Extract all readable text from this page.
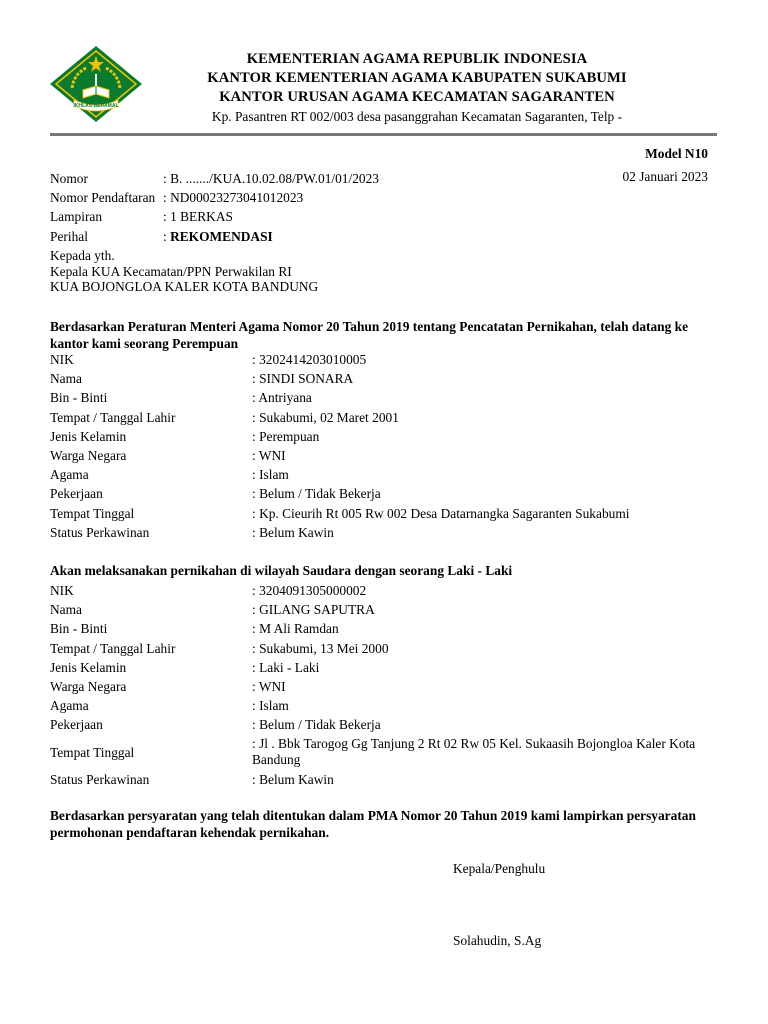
IKHLAS BERAMAL
KEMENTERIAN AGAMA REPUBLIK INDONESIA
KANTOR KEMENTERIAN AGAMA KABUPATEN SUKABUMI
KANTOR URUSAN AGAMA KECAMATAN SAGARANTEN
Kp. Pasantren RT 002/003 desa pasanggrahan Kecamatan Sagaranten, Telp -
Model N10
02 Januari 2023
Nomor	: B. ......./KUA.10.02.08/PW.01/01/2023
Nomor Pendaftaran : ND00023273041012023
Lampiran	: 1 BERKAS
Perihal	: REKOMENDASI
Kepada yth.
Kepala KUA Kecamatan/PPN Perwakilan RI
KUA BOJONGLOA KALER KOTA BANDUNG
Berdasarkan Peraturan Menteri Agama Nomor 20 Tahun 2019 tentang Pencatatan Pernikahan, telah datang ke kantor kami seorang Perempuan
NIK	: 3202414203010005
Nama	: SINDI SONARA
Bin - Binti	: Antriyana
Tempat / Tanggal Lahir	: Sukabumi, 02 Maret 2001
Jenis Kelamin	: Perempuan
Warga Negara	: WNI
Agama	: Islam
Pekerjaan	: Belum / Tidak Bekerja
Tempat Tinggal	: Kp. Cieurih Rt 005 Rw 002 Desa Datarnangka Sagaranten Sukabumi
Status Perkawinan	: Belum Kawin
Akan melaksanakan pernikahan di wilayah Saudara dengan seorang Laki - Laki
NIK	: 3204091305000002
Nama	: GILANG SAPUTRA
Bin - Binti	: M Ali Ramdan
Tempat / Tanggal Lahir	: Sukabumi, 13 Mei 2000
Jenis Kelamin	: Laki - Laki
Warga Negara	: WNI
Agama	: Islam
Pekerjaan	: Belum / Tidak Bekerja
Tempat Tinggal
: Jl . Bbk Tarogog Gg Tanjung 2 Rt 02 Rw 05 Kel. Sukaasih Bojongloa Kaler Kota Bandung
Status Perkawinan	: Belum Kawin
Berdasarkan persyaratan yang telah ditentukan dalam PMA Nomor 20 Tahun 2019 kami lampirkan persyaratan permohonan pendaftaran kehendak pernikahan.
Kepala/Penghulu
Solahudin, S.Ag
